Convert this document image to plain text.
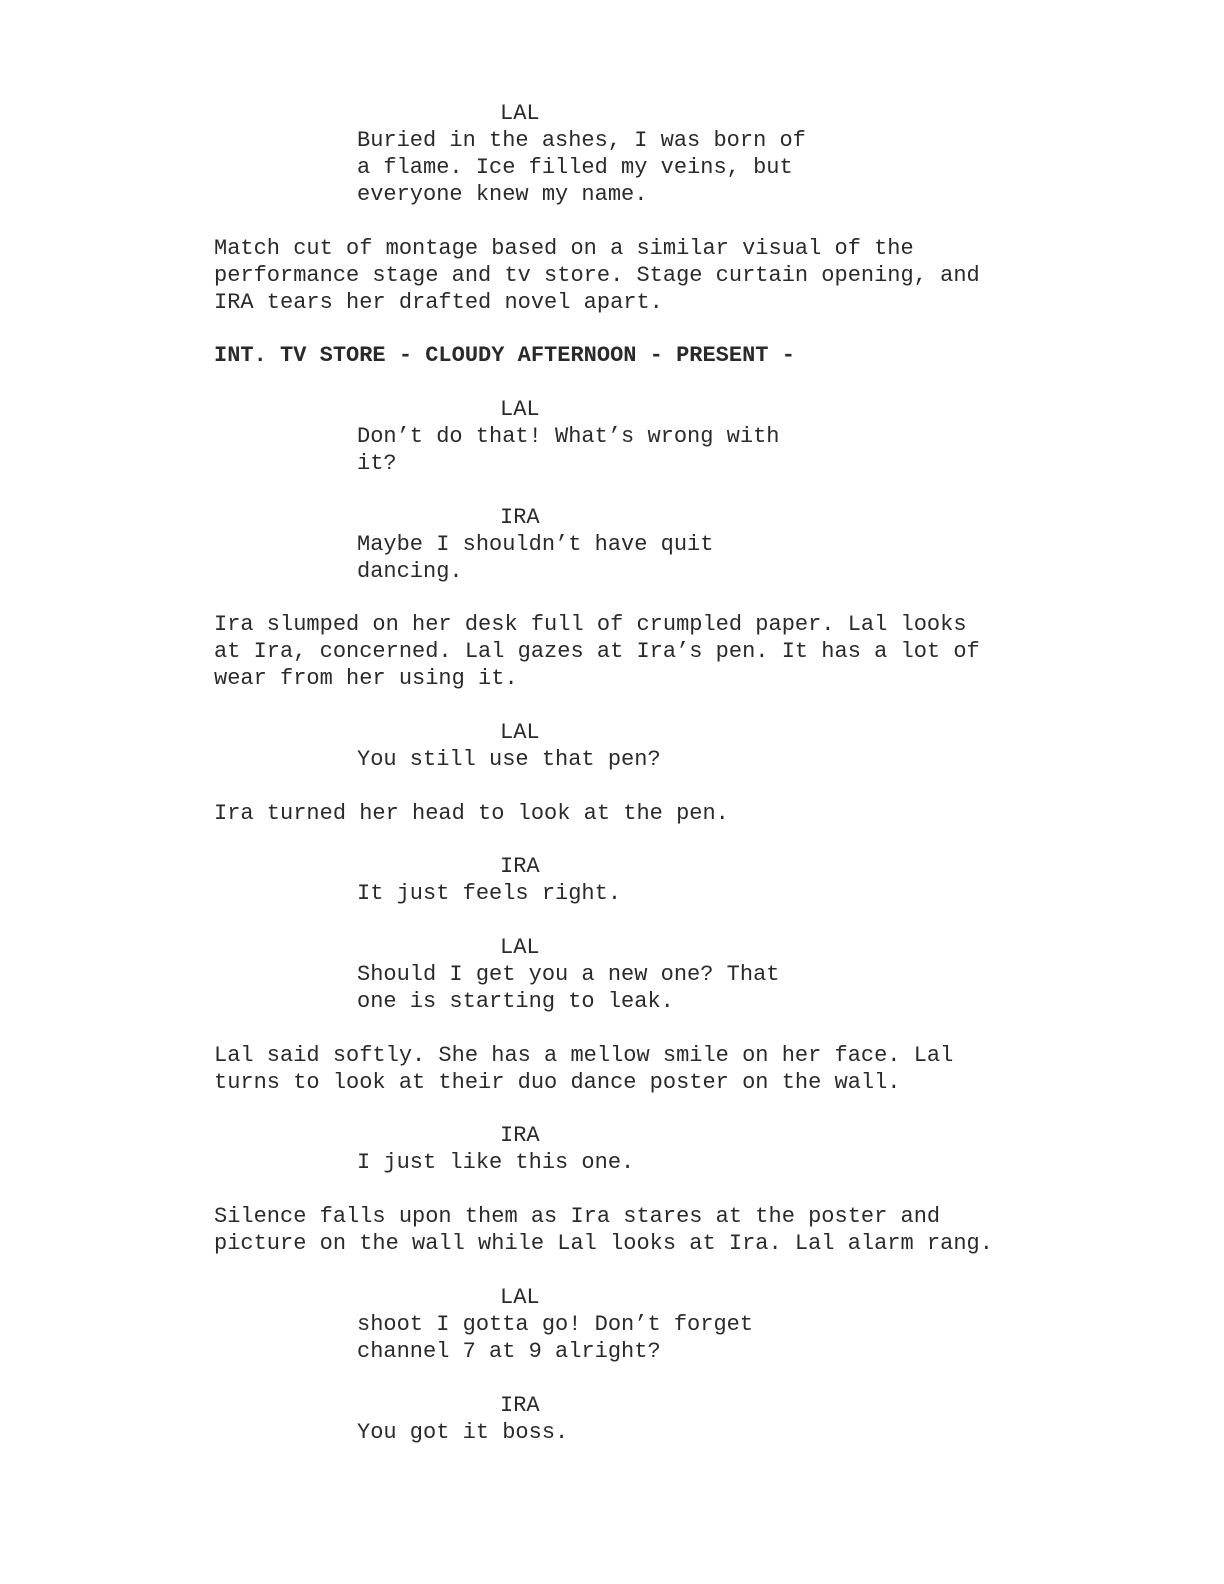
LAL

Buried in the ashes, I was born of
a flame. Ice filled my veins, but
everyone knew my name.

Match cut of montage based on a similar visual of the
performance stage and tv store. Stage curtain opening, and
IRA tears her drafted novel apart.

INT. TV STORE - CLOUDY AFTERNOON - PRESENT -

LAL

Don’t do that! What’s wrong with
it?

IRA

Maybe I shouldn’t have quit
dancing.

Ira slumped on her desk full of crumpled paper. Lal looks
at Ira, concerned. Lal gazes at Ira’s pen. It has a lot of
wear from her using it.

LAL

You still use that pen?

Ira turned her head to look at the pen.

IRA

It just feels right.

LAL

Should I get you a new one? That
one is starting to leak.

Lal said softly. She has a mellow smile on her face. Lal
turns to look at their duo dance poster on the wall.

IRA

I just like this one.

Silence falls upon them as Ira stares at the poster and
picture on the wall while Lal looks at Ira. Lal alarm rang.

LAL

shoot I gotta go! Don’t forget
channel 7 at 9 alright?

IRA

You got it boss.
